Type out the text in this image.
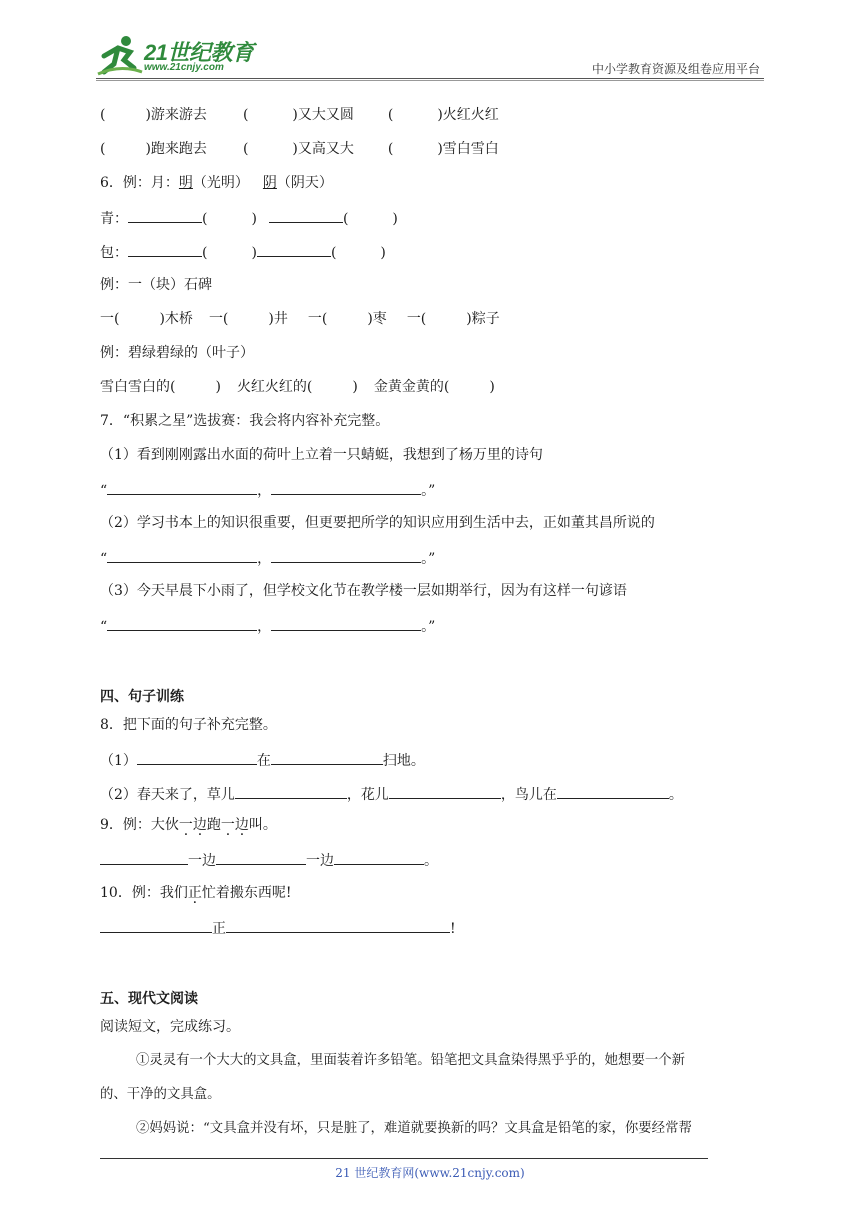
21世纪教育
www.21cnjy.com	中小学教育资源及组卷应用平台
(	)游来游去	(	)又大又圆 (	)火红火红
(	)跑来跑去	(	)又高又大 (	)雪白雪白
6．例：月：明（光明） 阴（阴天）
青：	(	)	(	)
包：	(	)	(	)
例：一（块）石碑
一(	)木桥 一(	)井 一(	)枣 一(	)粽子
例：碧绿碧绿的（叶子）
雪白雪白的(	) 火红火红的(	) 金黄金黄的(	)
7．“积累之星”选拔赛：我会将内容补充完整。
（1）看到刚刚露出水面的荷叶上立着一只蜻蜓，我想到了杨万里的诗句
“	，	。”
（2）学习书本上的知识很重要，但更要把所学的知识应用到生活中去，正如董其昌所说的
“	，	。”
（3）今天早晨下小雨了，但学校文化节在教学楼一层如期举行，因为有这样一句谚语
“	，	。”
四、句子训练
8．把下面的句子补充完整。
（1）	在	扫地。
（2）春天来了，草儿	，花儿	，鸟儿在	。
9．例：大伙一边跑一边叫。
一边	一边	。
10．例：我们正忙着搬东西呢!
正	!
五、现代文阅读
阅读短文，完成练习。
①灵灵有一个大大的文具盒，里面装着许多铅笔。铅笔把文具盒染得黑乎乎的，她想要一个新
的、干净的文具盒。
②妈妈说：“文具盒并没有坏，只是脏了，难道就要换新的吗？文具盒是铅笔的家，你要经常帮
21 世纪教育网(www.21cnjy.com)
